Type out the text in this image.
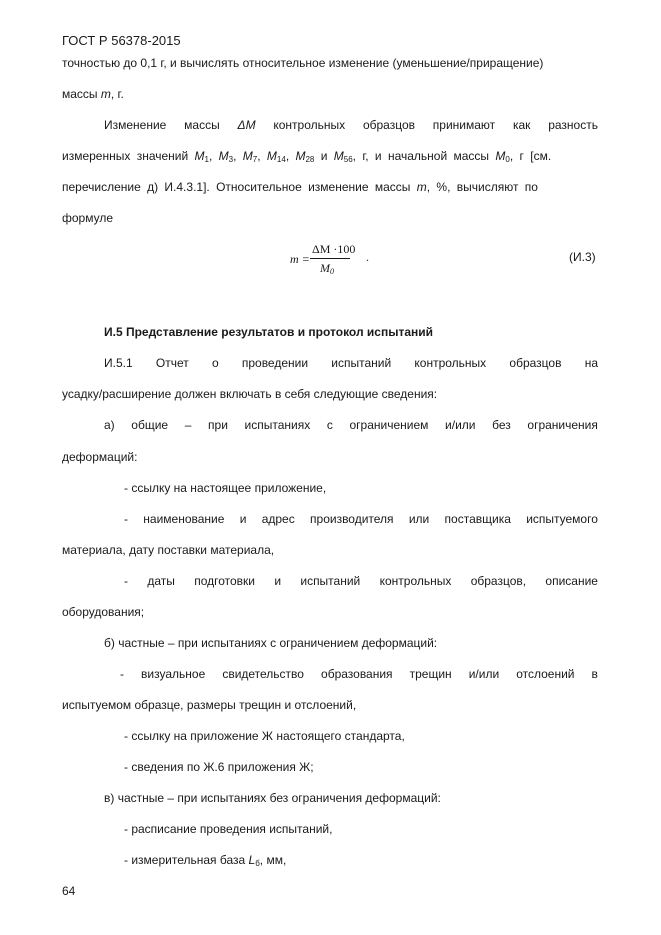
ГОСТ Р 56378-2015
точностью до 0,1 г, и вычислять относительное изменение (уменьшение/приращение)
массы m, г.
Изменение массы ΔM контрольных образцов принимают как разность
измеренных значений $M_1$, $M_3$, $M_7$, $M_{14}$, $M_{28}$ и $M_{56}$, г, и начальной массы $M_0$, г [см.
перечисление д) И.4.3.1]. Относительное изменение массы m, %, вычисляют по
формуле
m =
ΔM ·100
$M_0$
.	(И.3)
И.5 Представление результатов и протокол испытаний
И.5.1 Отчет о проведении испытаний контрольных образцов на
усадку/расширение должен включать в себя следующие сведения:
а) общие – при испытаниях с ограничением и/или без ограничения
деформаций:
- ссылку на настоящее приложение,
- наименование и адрес производителя или поставщика испытуемого
материала, дату поставки материала,
- даты подготовки и испытаний контрольных образцов, описание
оборудования;
б) частные – при испытаниях с ограничением деформаций:
- визуальное свидетельство образования трещин и/или отслоений в
испытуемом образце, размеры трещин и отслоений,
- ссылку на приложение Ж настоящего стандарта,
- сведения по Ж.6 приложения Ж;
в) частные – при испытаниях без ограничения деформаций:
- расписание проведения испытаний,
- измерительная база $L_б$, мм,
64
